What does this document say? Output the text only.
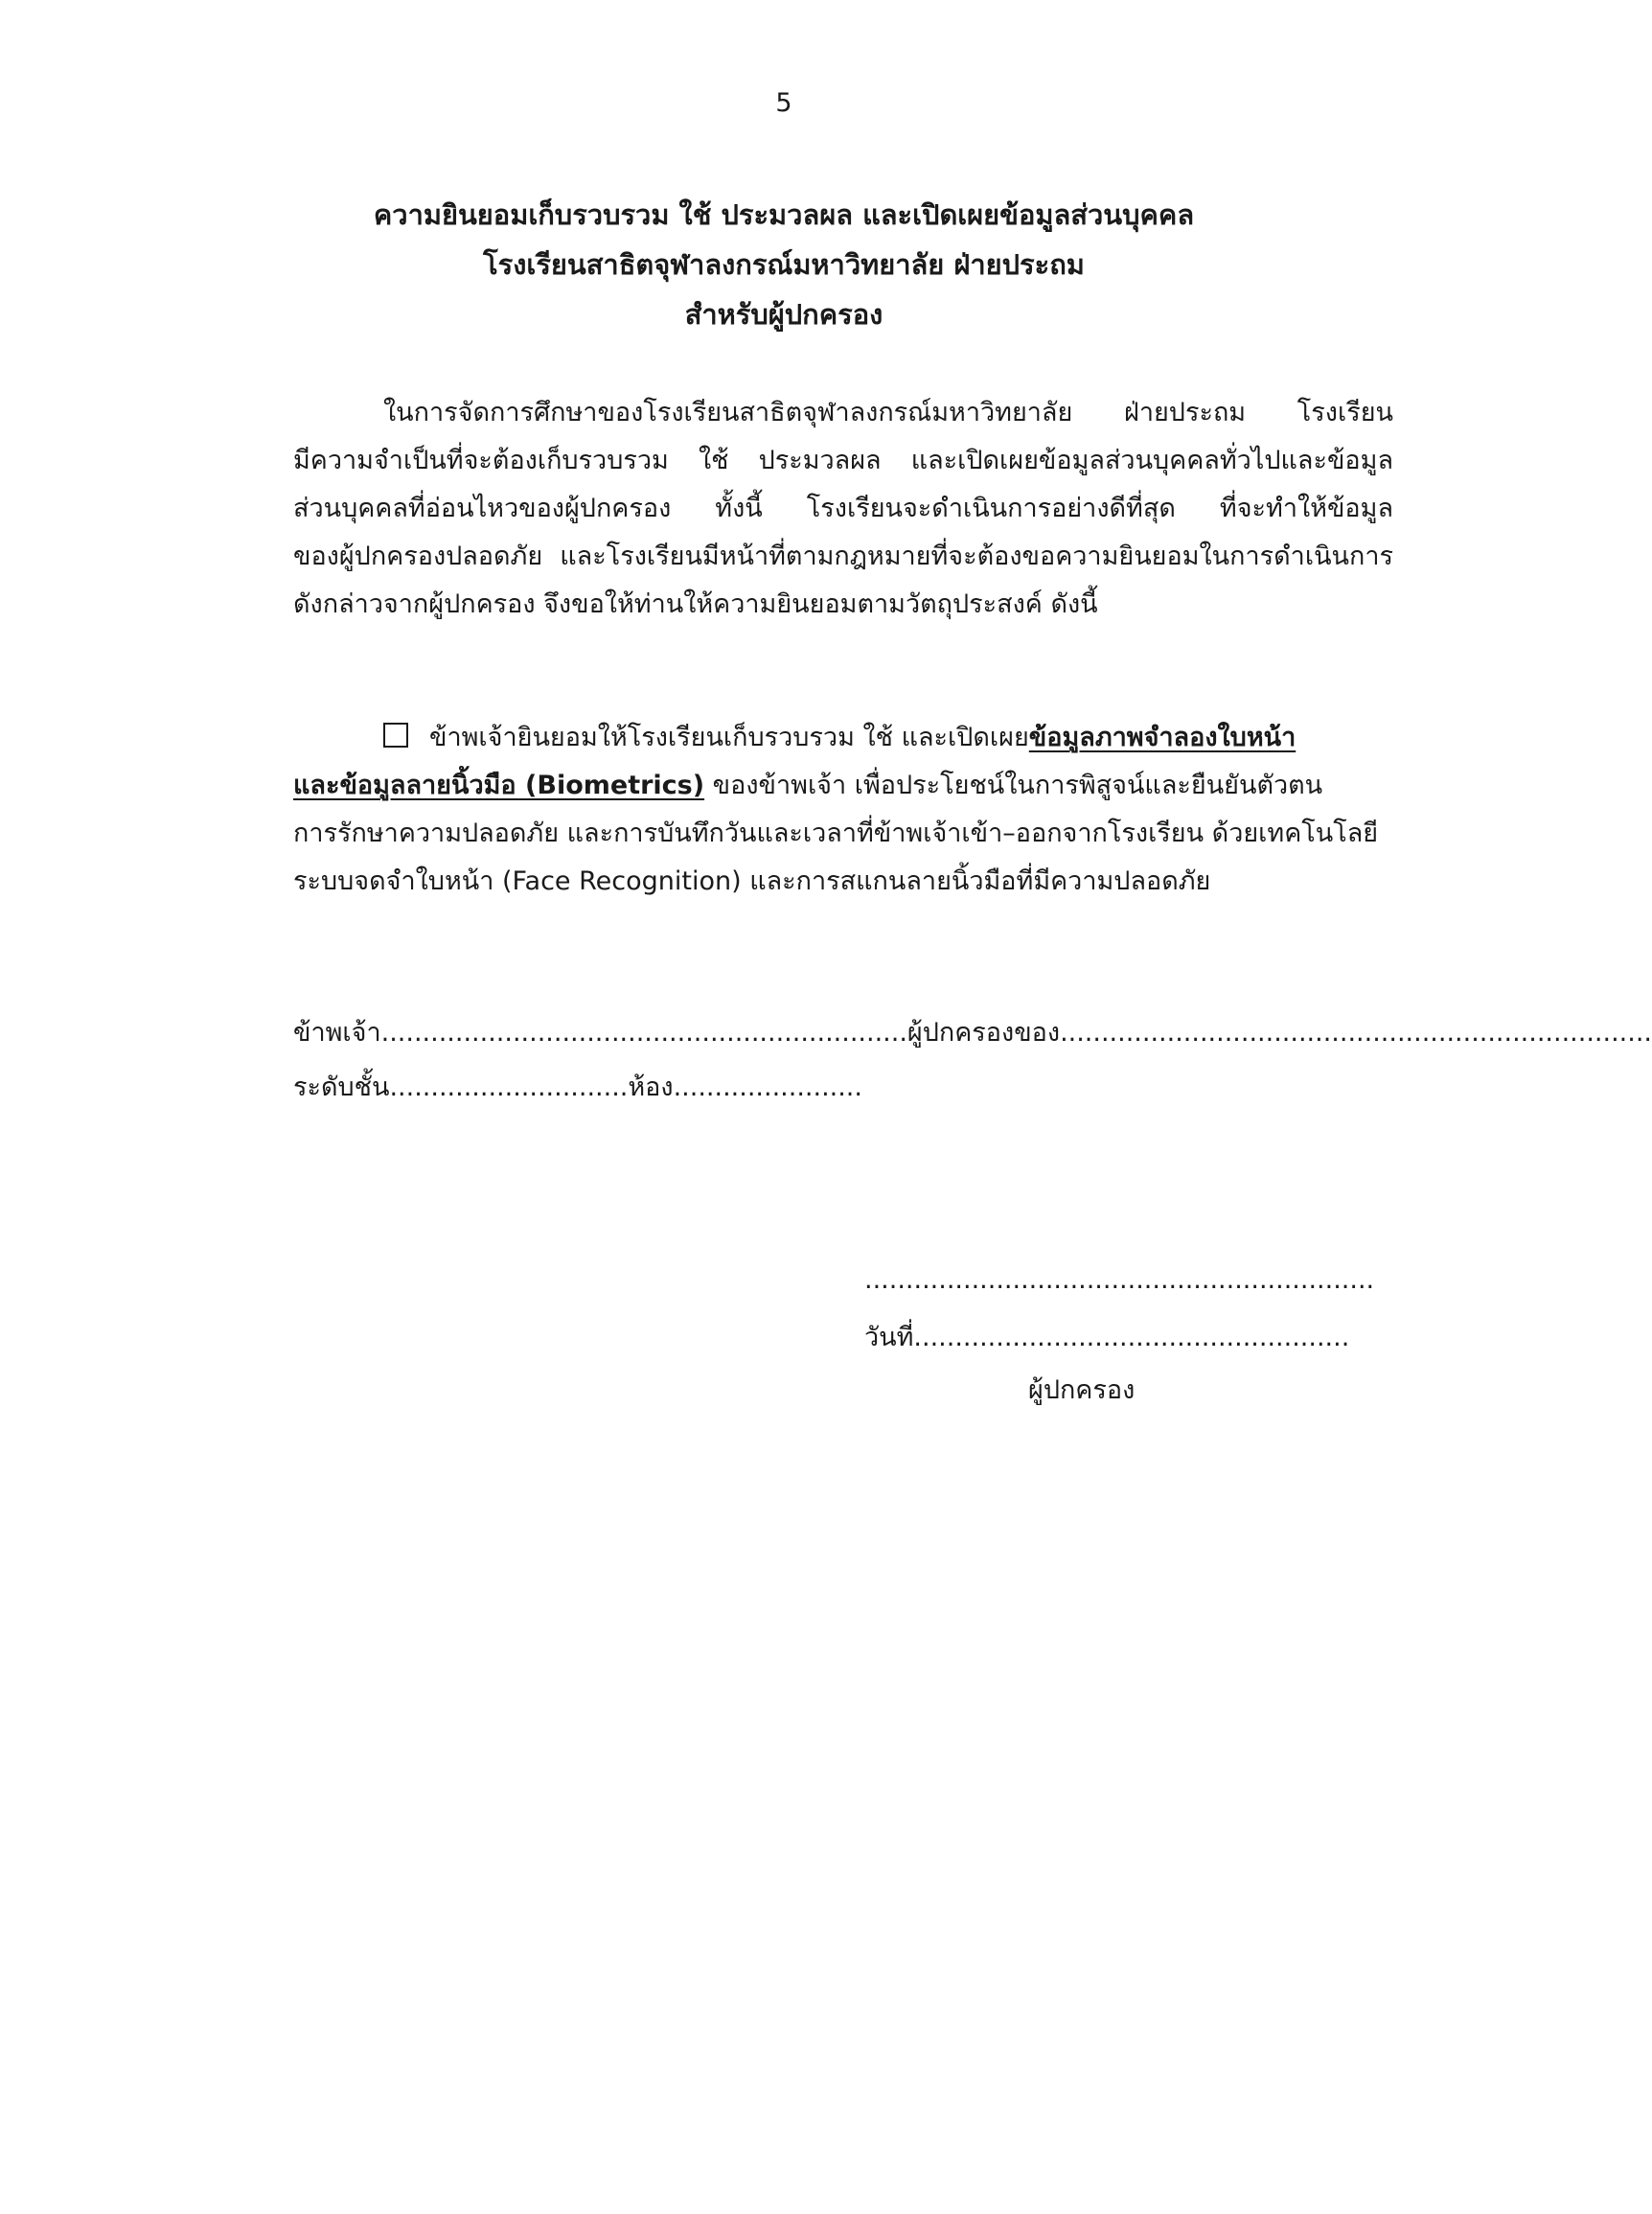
5
ความยินยอมเก็บรวบรวม ใช้ ประมวลผล และเปิดเผยข้อมูลส่วนบุคคล
โรงเรียนสาธิตจุฬาลงกรณ์มหาวิทยาลัย ฝ่ายประถม
สำหรับผู้ปกครอง
ในการจัดการศึกษาของโรงเรียนสาธิตจุฬาลงกรณ์มหาวิทยาลัย ฝ่ายประถม โรงเรียน
มีความจำเป็นที่จะต้องเก็บรวบรวม ใช้ ประมวลผล และเปิดเผยข้อมูลส่วนบุคคลทั่วไปและข้อมูล
ส่วนบุคคลที่อ่อนไหวของผู้ปกครอง ทั้งนี้ โรงเรียนจะดำเนินการอย่างดีที่สุด ที่จะทำให้ข้อมูล
ของผู้ปกครองปลอดภัย และโรงเรียนมีหน้าที่ตามกฎหมายที่จะต้องขอความยินยอมในการดำเนินการ
ดังกล่าวจากผู้ปกครอง จึงขอให้ท่านให้ความยินยอมตามวัตถุประสงค์ ดังนี้
ข้าพเจ้ายินยอมให้โรงเรียนเก็บรวบรวม ใช้ และเปิดเผยข้อมูลภาพจำลองใบหน้า
และข้อมูลลายนิ้วมือ (Biometrics) ของข้าพเจ้า เพื่อประโยชน์ในการพิสูจน์และยืนยันตัวตน
การรักษาความปลอดภัย และการบันทึกวันและเวลาที่ข้าพเจ้าเข้า–ออกจากโรงเรียน ด้วยเทคโนโลยี
ระบบจดจำใบหน้า (Face Recognition) และการสแกนลายนิ้วมือที่มีความปลอดภัย
ข้าพเจ้า................................................................ผู้ปกครองของ........................................................................
ระดับชั้น.............................ห้อง.......................
..............................................................
วันที่.....................................................
ผู้ปกครอง
